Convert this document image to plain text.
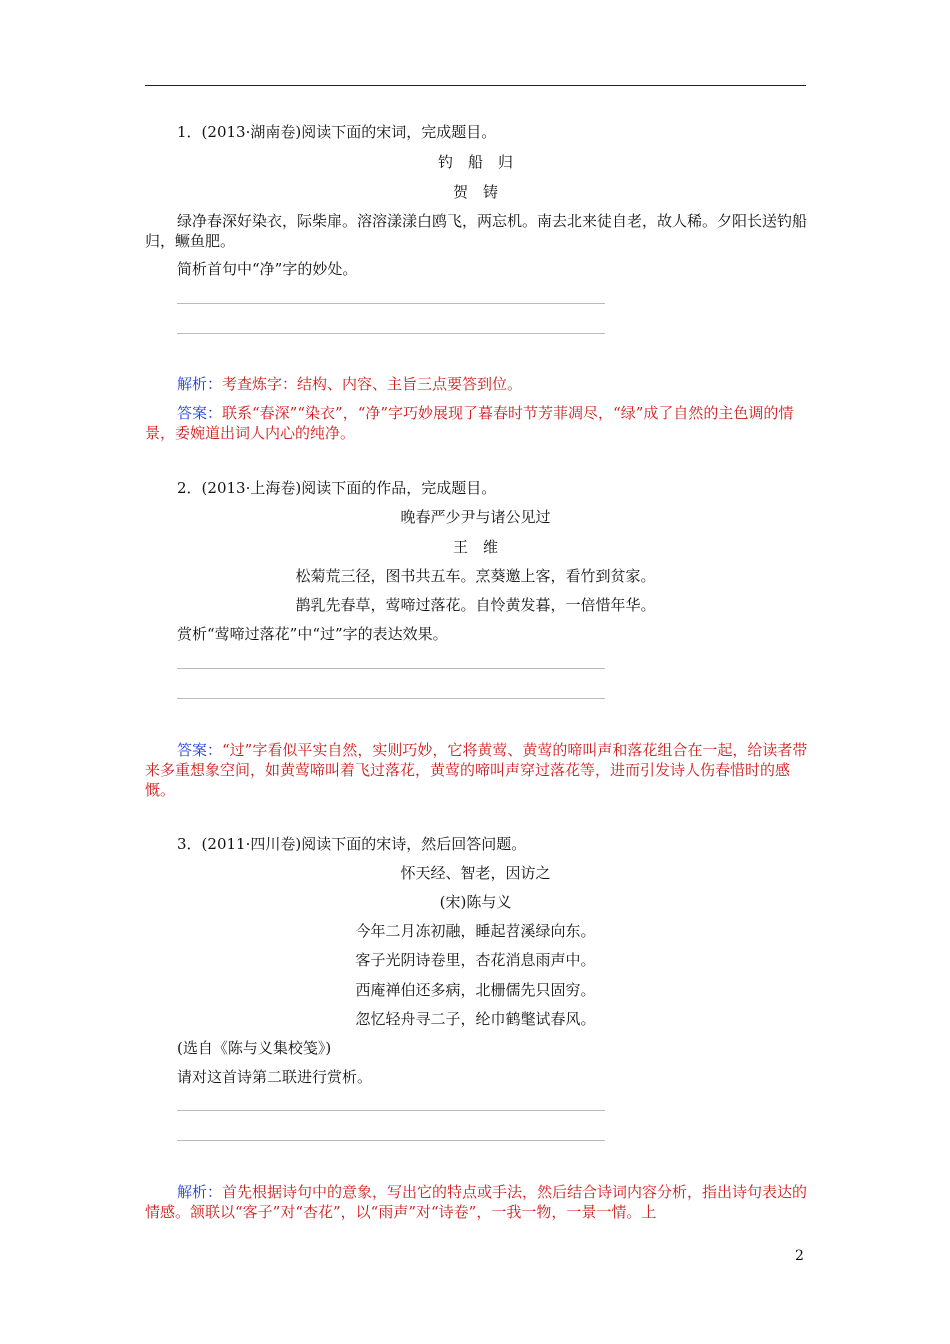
1．(2013·湖南卷)阅读下面的宋词，完成题目。
钓　船　归
贺　铸
绿净春深好染衣，际柴扉。溶溶漾漾白鸥飞，两忘机。南去北来徒自老，故人稀。夕阳长送钓船归，鳜鱼肥。
简析首句中“净”字的妙处。
解析：考查炼字：结构、内容、主旨三点要答到位。
答案：联系“春深”“染衣”，“净”字巧妙展现了暮春时节芳菲凋尽，“绿”成了自然的主色调的情景，委婉道出词人内心的纯净。
2．(2013·上海卷)阅读下面的作品，完成题目。
晚春严少尹与诸公见过
王　维
松菊荒三径，图书共五车。烹葵邀上客，看竹到贫家。
鹊乳先春草，莺啼过落花。自怜黄发暮，一倍惜年华。
赏析“莺啼过落花”中“过”字的表达效果。
答案：“过”字看似平实自然，实则巧妙，它将黄莺、黄莺的啼叫声和落花组合在一起，给读者带来多重想象空间，如黄莺啼叫着飞过落花，黄莺的啼叫声穿过落花等，进而引发诗人伤春惜时的感慨。
3．(2011·四川卷)阅读下面的宋诗，然后回答问题。
怀天经、智老，因访之
(宋)陈与义
今年二月冻初融，睡起苕溪绿向东。
客子光阴诗卷里，杏花消息雨声中。
西庵禅伯还多病，北栅儒先只固穷。
忽忆轻舟寻二子，纶巾鹤氅试春风。
(选自《陈与义集校笺》)
请对这首诗第二联进行赏析。
解析：首先根据诗句中的意象，写出它的特点或手法，然后结合诗词内容分析，指出诗句表达的情感。颔联以“客子”对“杏花”，以“雨声”对“诗卷”，一我一物，一景一情。上
2
